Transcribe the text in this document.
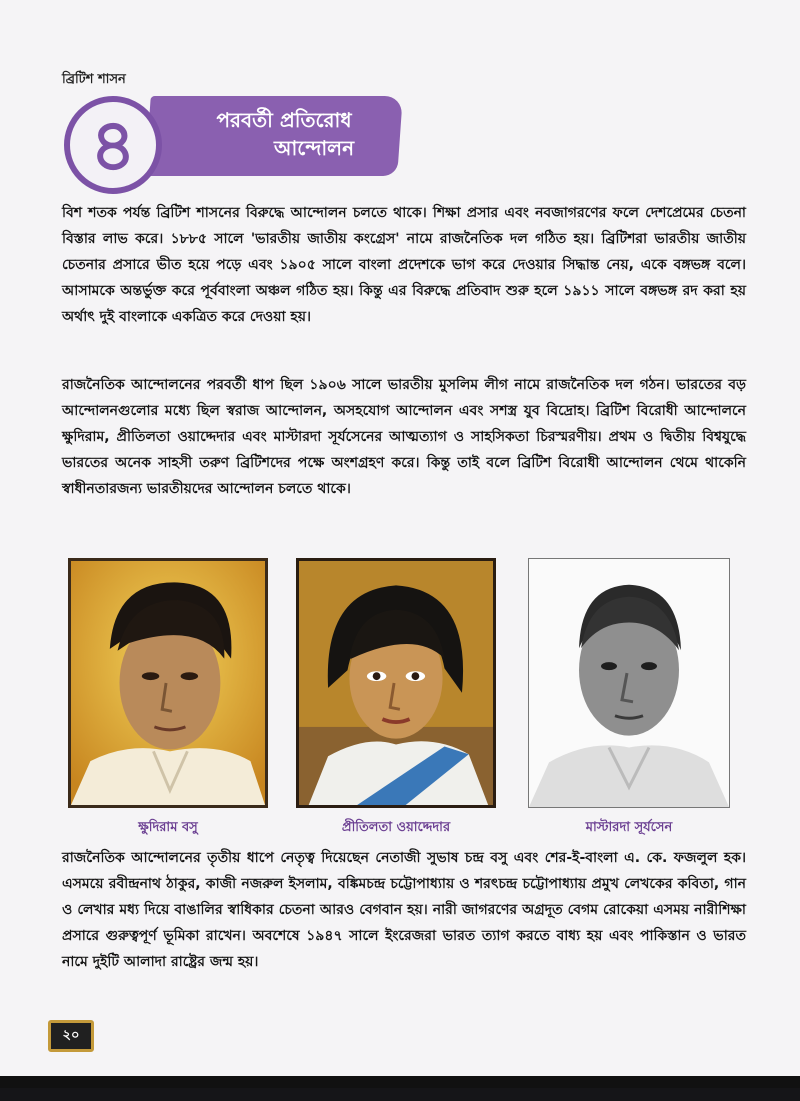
ব্রিটিশ শাসন
৪	পরবর্তী প্রতিরোধ
আন্দোলন

বিশ শতক পর্যন্ত ব্রিটিশ শাসনের বিরুদ্ধে আন্দোলন চলতে থাকে। শিক্ষা প্রসার এবং নবজাগরণের ফলে দেশপ্রেমের চেতনা বিস্তার লাভ করে। ১৮৮৫ সালে 'ভারতীয় জাতীয় কংগ্রেস' নামে রাজনৈতিক দল গঠিত হয়। ব্রিটিশরা ভারতীয় জাতীয় চেতনার প্রসারে ভীত হয়ে পড়ে এবং ১৯০৫ সালে বাংলা প্রদেশকে ভাগ করে দেওয়ার সিদ্ধান্ত নেয়, একে বঙ্গভঙ্গ বলে। আসামকে অন্তর্ভুক্ত করে পূর্ববাংলা অঞ্চল গঠিত হয়। কিন্তু এর বিরুদ্ধে প্রতিবাদ শুরু হলে ১৯১১ সালে বঙ্গভঙ্গ রদ করা হয় অর্থাৎ দুই বাংলাকে একত্রিত করে দেওয়া হয়।

রাজনৈতিক আন্দোলনের পরবর্তী ধাপ ছিল ১৯০৬ সালে ভারতীয় মুসলিম লীগ নামে রাজনৈতিক দল গঠন। ভারতের বড় আন্দোলনগুলোর মধ্যে ছিল স্বরাজ আন্দোলন, অসহযোগ আন্দোলন এবং সশস্ত্র যুব বিদ্রোহ। ব্রিটিশ বিরোধী আন্দোলনে ক্ষুদিরাম, প্রীতিলতা ওয়াদ্দেদার এবং মাস্টারদা সূর্যসেনের আত্মত্যাগ ও সাহসিকতা চিরস্মরণীয়। প্রথম ও দ্বিতীয় বিশ্বযুদ্ধে ভারতের অনেক সাহসী তরুণ ব্রিটিশদের পক্ষে অংশগ্রহণ করে। কিন্তু তাই বলে ব্রিটিশ বিরোধী আন্দোলন থেমে থাকেনি স্বাধীনতারজন্য ভারতীয়দের আন্দোলন চলতে থাকে।

ক্ষুদিরাম বসু	প্রীতিলতা ওয়াদ্দেদার	মাস্টারদা সূর্যসেন

রাজনৈতিক আন্দোলনের তৃতীয় ধাপে নেতৃত্ব দিয়েছেন নেতাজী সুভাষ চন্দ্র বসু এবং শের-ই-বাংলা এ. কে. ফজলুল হক। এসময়ে রবীন্দ্রনাথ ঠাকুর, কাজী নজরুল ইসলাম, বঙ্কিমচন্দ্র চট্টোপাধ্যায় ও শরৎচন্দ্র চট্টোপাধ্যায় প্রমুখ লেখকের কবিতা, গান ও লেখার মধ্য দিয়ে বাঙালির স্বাধিকার চেতনা আরও বেগবান হয়। নারী জাগরণের অগ্রদূত বেগম রোকেয়া এসময় নারীশিক্ষা প্রসারে গুরুত্বপূর্ণ ভূমিকা রাখেন। অবশেষে ১৯৪৭ সালে ইংরেজরা ভারত ত্যাগ করতে বাধ্য হয় এবং পাকিস্তান ও ভারত নামে দুইটি আলাদা রাষ্ট্রের জন্ম হয়।

২০
